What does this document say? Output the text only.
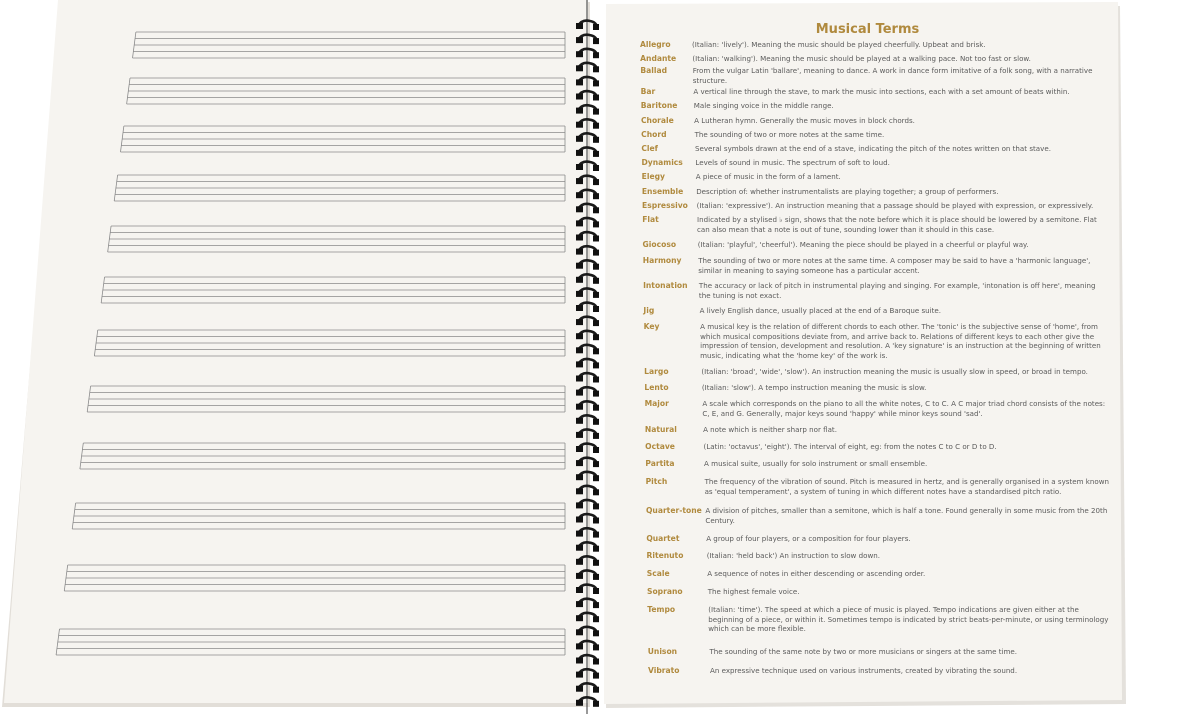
Musical Terms
Allegro	(Italian: 'lively'). Meaning the music should be played cheerfully. Upbeat and brisk.
Andante (Italian: 'walking'). Meaning the music should be played at a walking pace. Not too fast or slow.
Ballad	From the vulgar Latin 'ballare', meaning to dance. A work in dance form imitative of a folk song, with a narrative structure.
Bar	A vertical line through the stave, to mark the music into sections, each with a set amount of beats within.
Baritone Male singing voice in the middle range.
Chorale	A Lutheran hymn. Generally the music moves in block chords.
Chord	The sounding of two or more notes at the same time.
Clef	Several symbols drawn at the end of a stave, indicating the pitch of the notes written on that stave.
Dynamics Levels of sound in music. The spectrum of soft to loud.
Elegy	A piece of music in the form of a lament.
Ensemble Description of: whether instrumentalists are playing together; a group of performers.
Espressivo (Italian: 'expressive'). An instruction meaning that a passage should be played with expression, or expressively.
Flat	Indicated by a stylised ♭ sign, shows that the note before which it is place should be lowered by a semitone. Flat can also mean that a note is out of tune, sounding lower than it should in this case.
Giocoso	(Italian: 'playful', 'cheerful'). Meaning the piece should be played in a cheerful or playful way.
Harmony The sounding of two or more notes at the same time. A composer may be said to have a 'harmonic language', similar in meaning to saying someone has a particular accent.
Intonation The accuracy or lack of pitch in instrumental playing and singing. For example, 'intonation is off here', meaning the tuning is not exact.
Jig	A lively English dance, usually placed at the end of a Baroque suite.
Key	A musical key is the relation of different chords to each other. The 'tonic' is the subjective sense of 'home', from which musical compositions deviate from, and arrive back to. Relations of different keys to each other give the impression of tension, development and resolution. A 'key signature' is an instruction at the beginning of written music, indicating what the 'home key' of the work is.
Largo	(Italian: 'broad', 'wide', 'slow'). An instruction meaning the music is usually slow in speed, or broad in tempo.
Lento	(Italian: 'slow'). A tempo instruction meaning the music is slow.
Major	A scale which corresponds on the piano to all the white notes, C to C. A C major triad chord consists of the notes: C, E, and G. Generally, major keys sound 'happy' while minor keys sound 'sad'.
Natural	A note which is neither sharp nor flat.
Octave	(Latin: 'octavus', 'eight'). The interval of eight, eg: from the notes C to C or D to D.
Partita	A musical suite, usually for solo instrument or small ensemble.
Pitch	The frequency of the vibration of sound. Pitch is measured in hertz, and is generally organised in a system known as 'equal temperament', a system of tuning in which different notes have a standardised pitch ratio.
Quarter-tone A division of pitches, smaller than a semitone, which is half a tone. Found generally in some music from the 20th Century.
Quartet	A group of four players, or a composition for four players.
Ritenuto	(Italian: 'held back') An instruction to slow down.
Scale	A sequence of notes in either descending or ascending order.
Soprano	The highest female voice.
Tempo	(Italian: 'time'). The speed at which a piece of music is played. Tempo indications are given either at the beginning of a piece, or within it. Sometimes tempo is indicated by strict beats-per-minute, or using terminology which can be more flexible.
Unison	The sounding of the same note by two or more musicians or singers at the same time.
Vibrato	An expressive technique used on various instruments, created by vibrating the sound.
